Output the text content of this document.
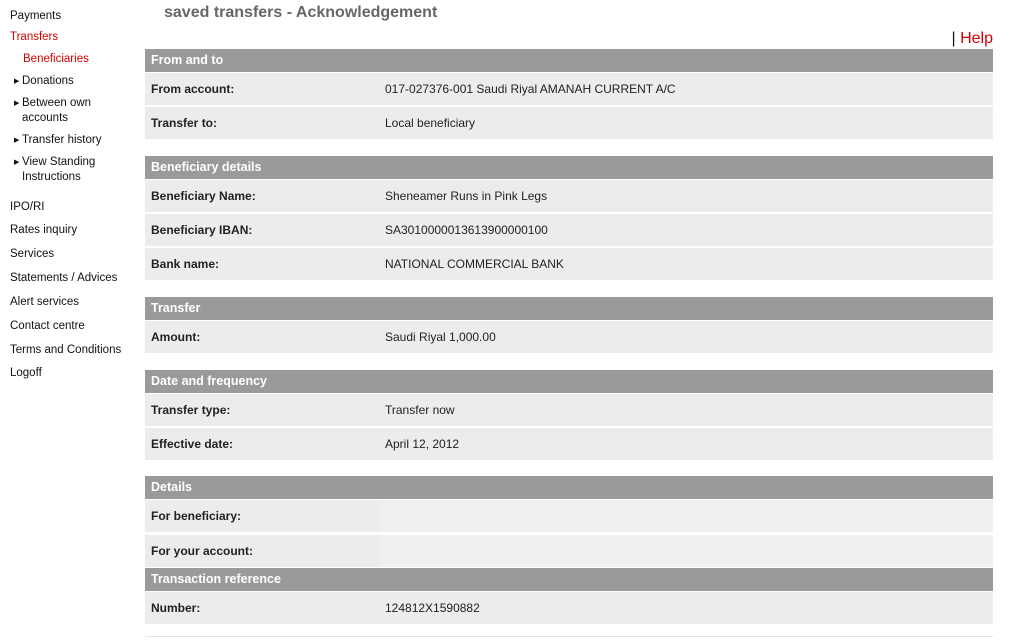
Payments
Transfers
Beneficiaries
▶ Donations
▶ Between own
accounts
▶ Transfer history
▶ View Standing
Instructions
IPO/RI
Rates inquiry
Services
Statements / Advices
Alert services
Contact centre
Terms and Conditions
Logoff
saved transfers - Acknowledgement
| Help
From and to
From account:	017-027376-001 Saudi Riyal AMANAH CURRENT A/C
Transfer to:	Local beneficiary
Beneficiary details
Beneficiary Name:	Sheneamer Runs in Pink Legs
Beneficiary IBAN:	SA3010000013613900000100
Bank name:	NATIONAL COMMERCIAL BANK
Transfer
Amount:	Saudi Riyal 1,000.00
Date and frequency
Transfer type:	Transfer now
Effective date:	April 12, 2012
Details
For beneficiary:
For your account:
Transaction reference
Number:	124812X1590882
